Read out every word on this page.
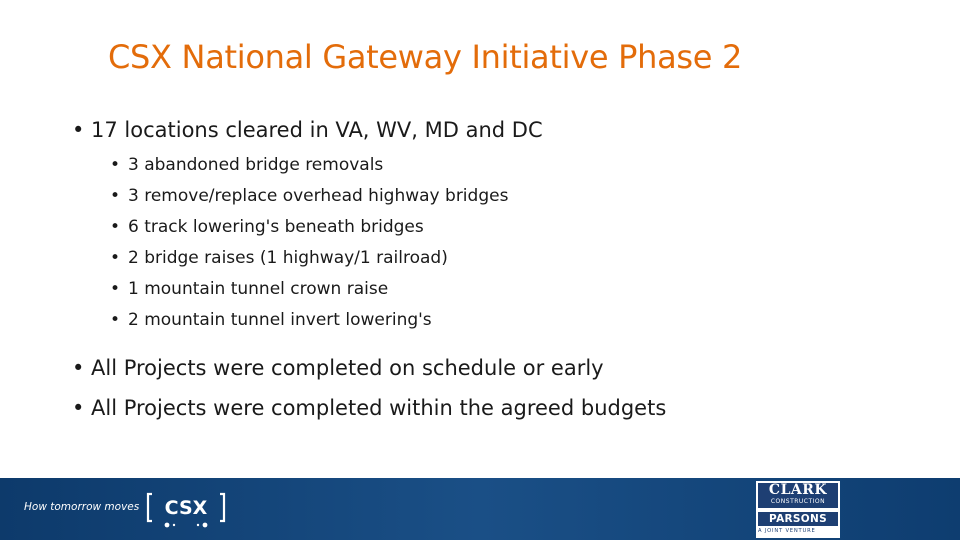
CSX National Gateway Initiative Phase 2
• 17 locations cleared in VA, WV, MD and DC
• 3 abandoned bridge removals
• 3 remove/replace overhead highway bridges
• 6 track lowering's beneath bridges
• 2 bridge raises (1 highway/1 railroad)
• 1 mountain tunnel crown raise
• 2 mountain tunnel invert lowering's
• All Projects were completed on schedule or early
• All Projects were completed within the agreed budgets
How tomorrow moves CSX
CLARK
CONSTRUCTION
PARSONS
A JOINT VENTURE
